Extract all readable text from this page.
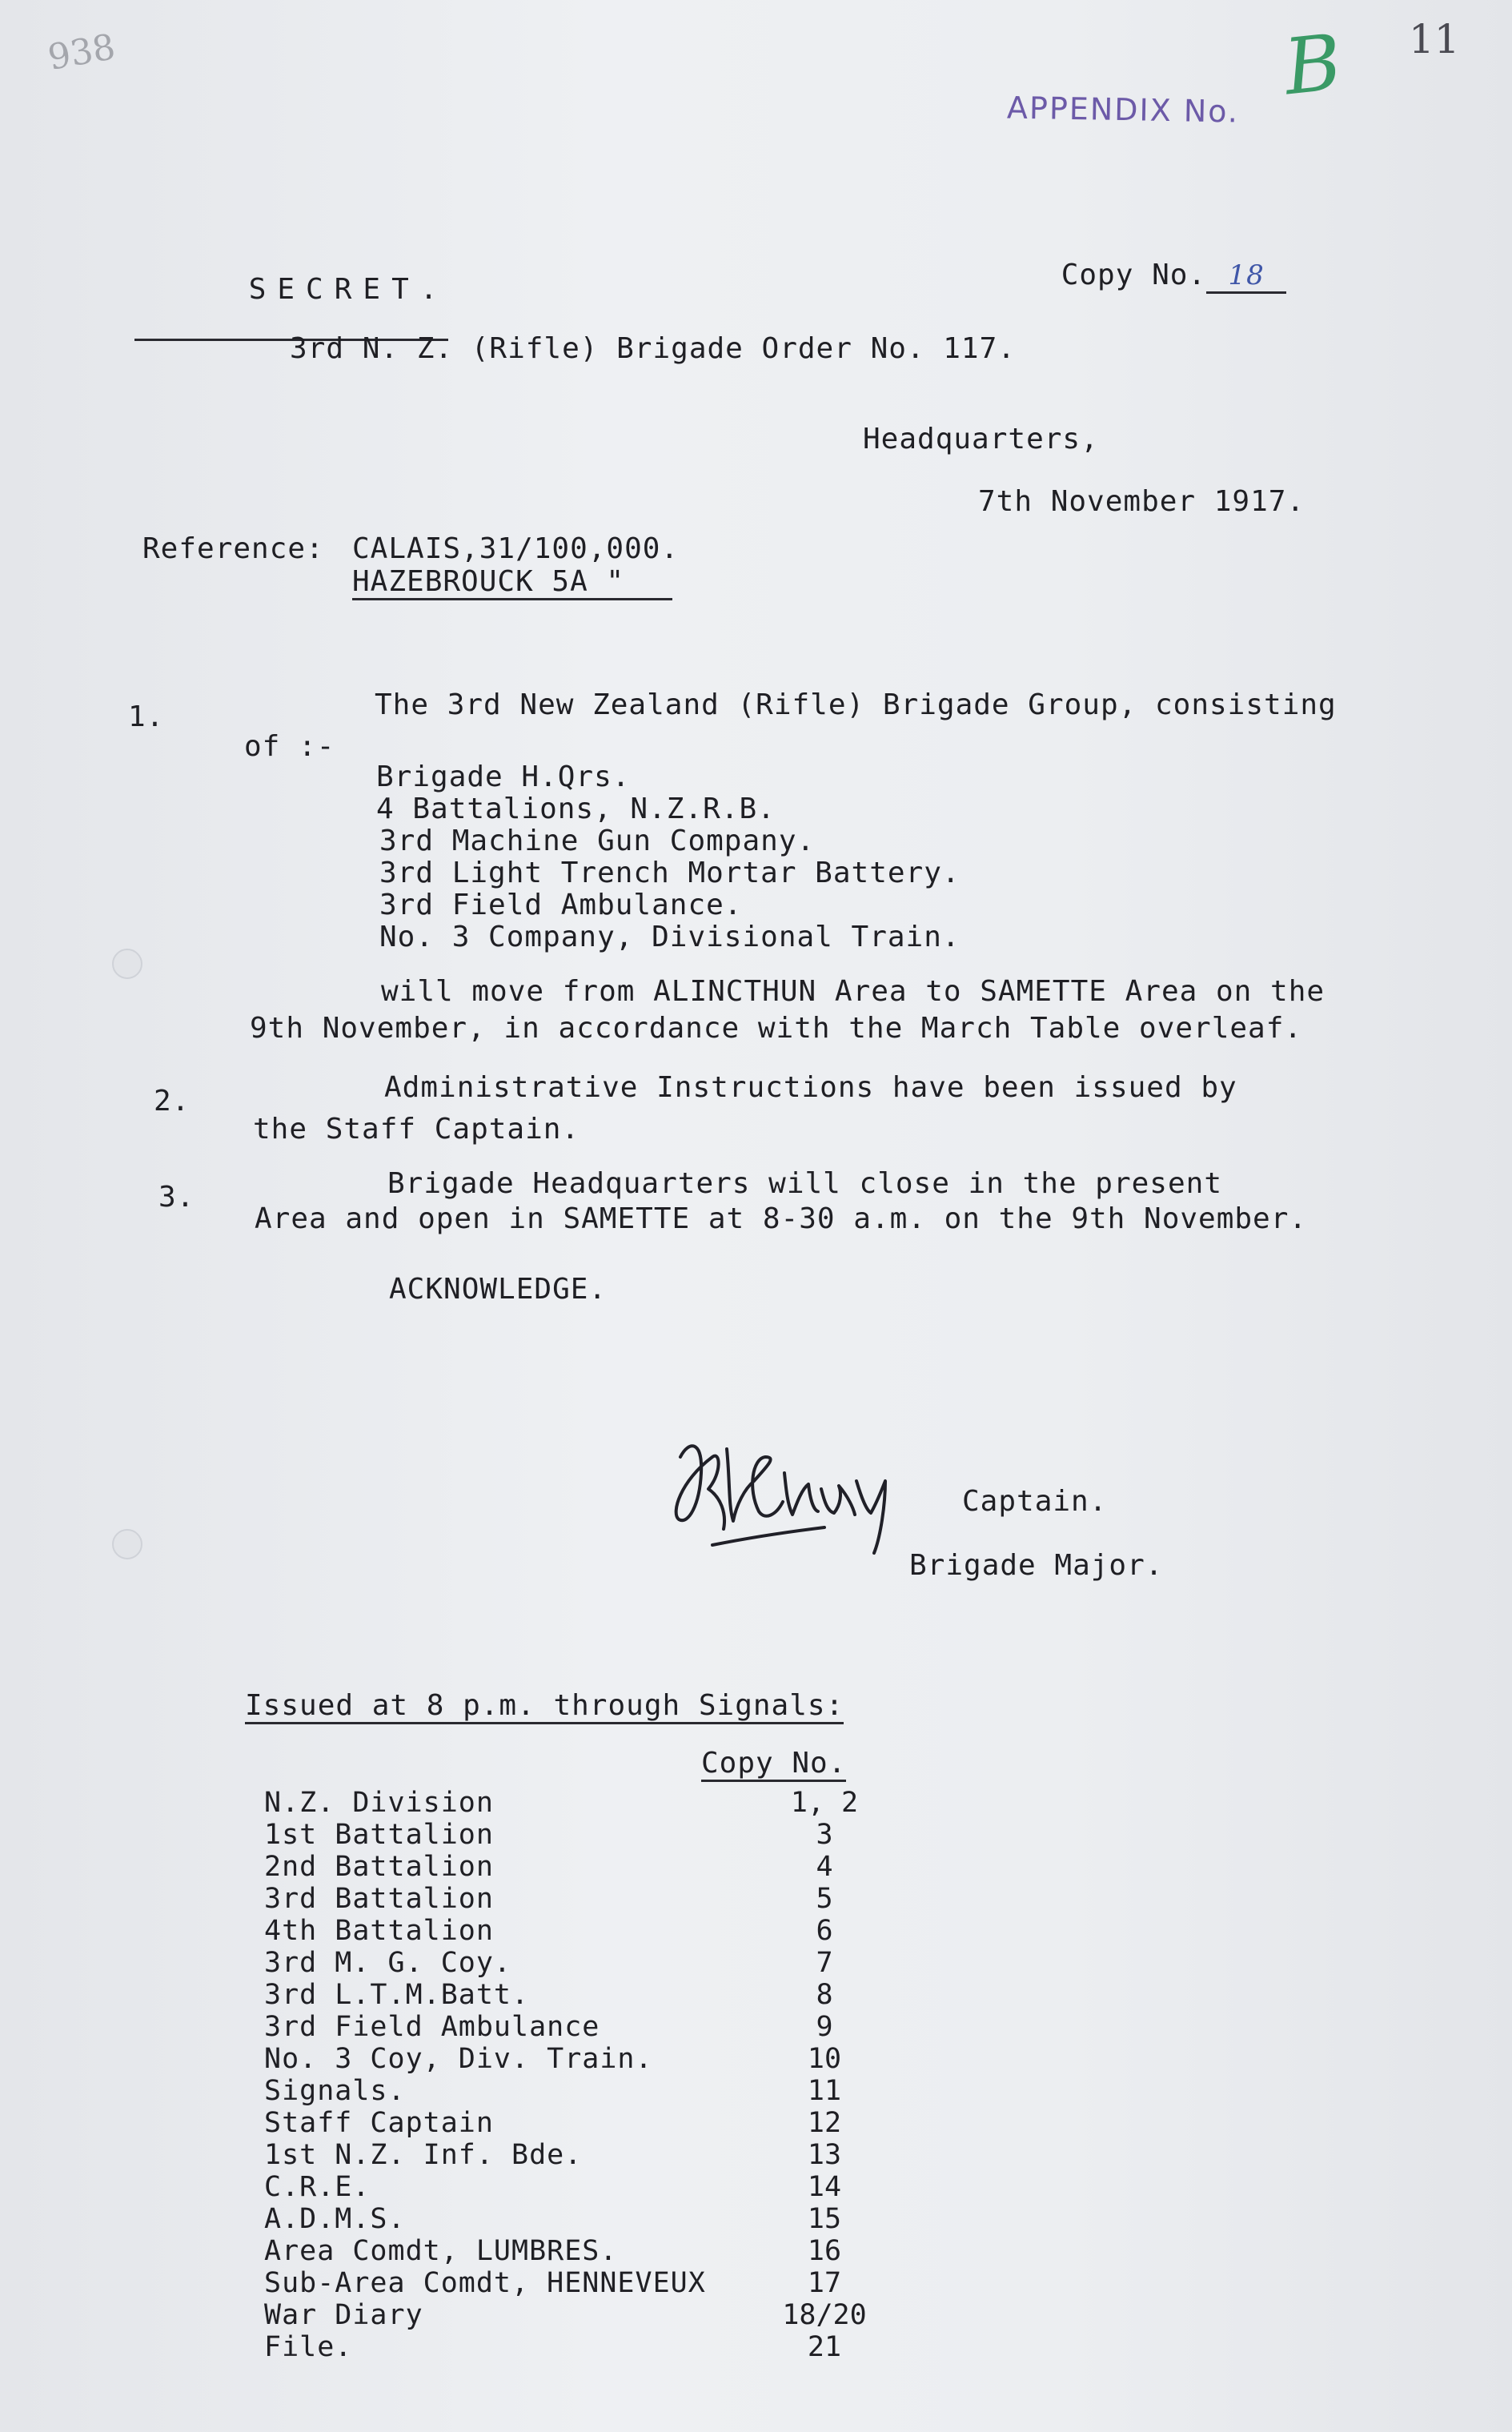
938	11
APPENDIX No. B

SECRET.
	Copy No. 18

3rd N. Z. (Rifle) Brigade Order No. 117.
Headquarters,
7th November 1917.
Reference: CALAIS,31/100,000.
HAZEBROUCK 5A "
1.	The 3rd New Zealand (Rifle) Brigade Group, consisting
of :-
Brigade H.Qrs.
4 Battalions, N.Z.R.B.
3rd Machine Gun Company.
3rd Light Trench Mortar Battery.
3rd Field Ambulance.
No. 3 Company, Divisional Train.
will move from ALINCTHUN Area to SAMETTE Area on the
9th November, in accordance with the March Table overleaf.
2.	Administrative Instructions have been issued by
the Staff Captain.
3.	Brigade Headquarters will close in the present
Area and open in SAMETTE at 8-30 a.m. on the 9th November.
ACKNOWLEDGE.
Captain.
Brigade Major.
Issued at 8 p.m. through Signals:
Copy No.
N.Z. Division	1, 2
1st Battalion	3
2nd Battalion	4
3rd Battalion	5
4th Battalion	6
3rd M. G. Coy.	7
3rd L.T.M.Batt.	8
3rd Field Ambulance	9
No. 3 Coy, Div. Train.	10
Signals.	11
Staff Captain	12
1st N.Z. Inf. Bde.	13
C.R.E.	14
A.D.M.S.	15
Area Comdt, LUMBRES.	16
Sub-Area Comdt, HENNEVEUX	17
War Diary	18/20
File.	21
